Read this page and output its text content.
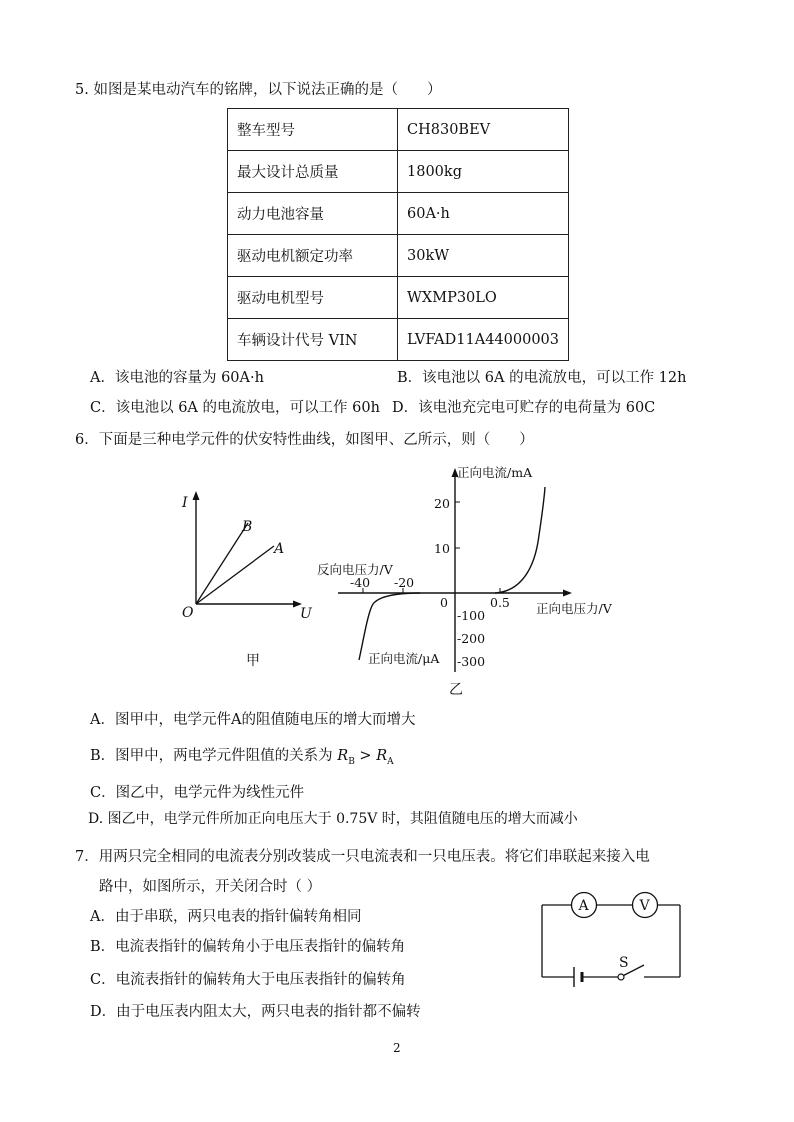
5. 如图是某电动汽车的铭牌，以下说法正确的是（　　）
整车型号	CH830BEV
最大设计总质量	1800kg
动力电池容量	60A·h
驱动电机额定功率	30kW
驱动电机型号	WXMP30LO
车辆设计代号 VIN	LVFAD11A44000003
A．该电池的容量为 60A·h	B．该电池以 6A 的电流放电，可以工作 12h
C．该电池以 6A 的电流放电，可以工作 60h D．该电池充完电可贮存的电荷量为 60C
6．下面是三种电学元件的伏安特性曲线，如图甲、乙所示，则（　　）
I
U
O
B
A
甲
正向电流/mA
20
10
反向电压力/V
-40 -20
0	0.5 正向电压力/V
-100
-200
-300
正向电流/μA
乙
A．图甲中，电学元件A的阻值随电压的增大而增大
B．图甲中，两电学元件阻值的关系为 $R_B > R_A$
C．图乙中，电学元件为线性元件
D. 图乙中，电学元件所加正向电压大于 0.75V 时，其阻值随电压的增大而减小
7．用两只完全相同的电流表分别改装成一只电流表和一只电压表。将它们串联起来接入电
路中，如图所示，开关闭合时（ ）
A．由于串联，两只电表的指针偏转角相同
B．电流表指针的偏转角小于电压表指针的偏转角
C．电流表指针的偏转角大于电压表指针的偏转角
D．由于电压表内阻太大，两只电表的指针都不偏转
S
A	V
2
